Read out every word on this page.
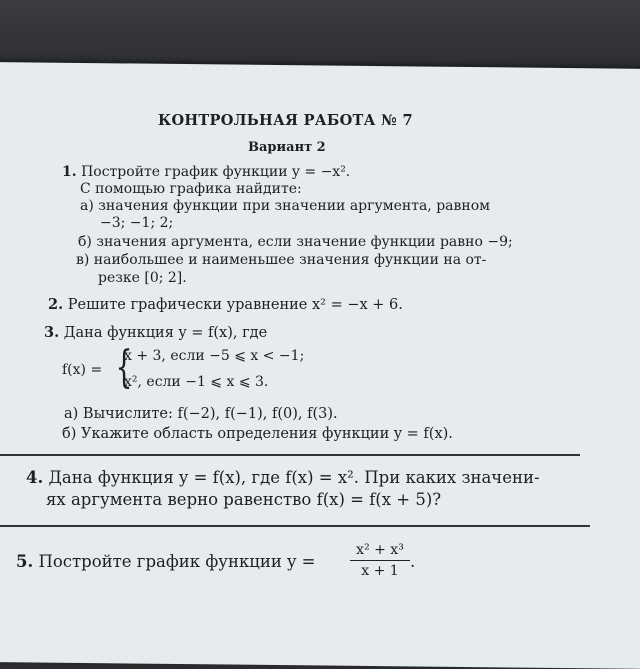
КОНТРОЛЬНАЯ РАБОТА № 7
Вариант 2
1. Постройте график функции y = −x².
С помощью графика найдите:
а) значения функции при значении аргумента, равном
−3; −1; 2;
б) значения аргумента, если значение функции равно −9;
в) наибольшее и наименьшее значения функции на от-
резке [0; 2].
2. Решите графически уравнение x² = −x + 6.
3. Дана функция y = f(x), где
f(x) = {
x + 3, если −5 ⩽ x < −1;
x², если −1 ⩽ x ⩽ 3.
а) Вычислите: f(−2), f(−1), f(0), f(3).
б) Укажите область определения функции y = f(x).
4. Дана функция y = f(x), где f(x) = x². При каких значени-
ях аргумента верно равенство f(x) = f(x + 5)?
5. Постройте график функции y =
x² + x³
x + 1
.
